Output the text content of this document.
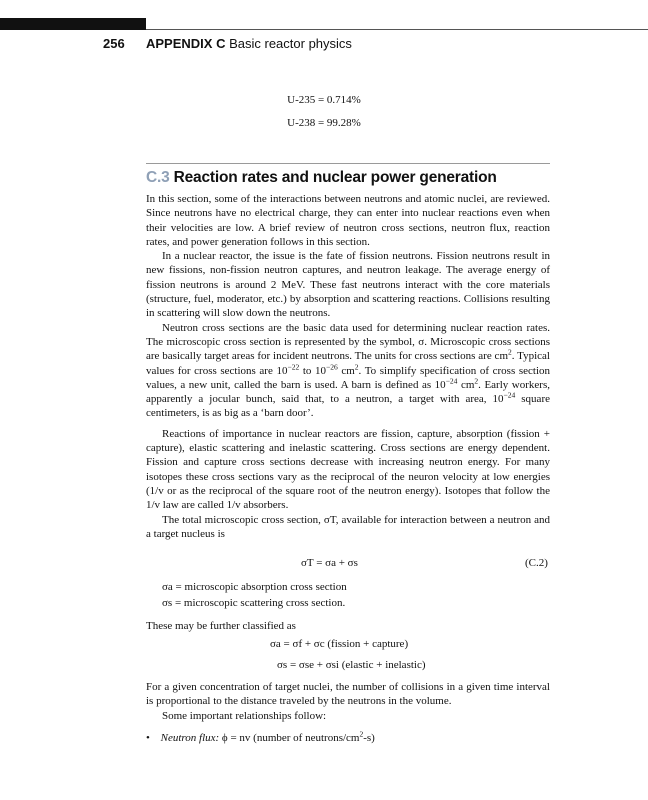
256 APPENDIX C Basic reactor physics
U-235 = 0.714%
U-238 = 99.28%
C.3 Reaction rates and nuclear power generation

In this section, some of the interactions between neutrons and atomic nuclei, are reviewed. Since neutrons have no electrical charge, they can enter into nuclear reactions even when their velocities are low. A brief review of neutron cross sections, neutron flux, reaction rates, and power generation follows in this section.

In a nuclear reactor, the issue is the fate of fission neutrons. Fission neutrons result in new fissions, non-fission neutron captures, and neutron leakage. The average energy of fission neutrons is around 2 MeV. These fast neutrons interact with the core materials (structure, fuel, moderator, etc.) by absorption and scattering reactions. Collisions resulting in scattering will slow down the neutrons.

Neutron cross sections are the basic data used for determining nuclear reaction rates. The microscopic cross section is represented by the symbol, σ. Microscopic cross sections are basically target areas for incident neutrons. The units for cross sections are $cm^2$. Typical values for cross sections are $10^{-22}$ to $10^{-26}$ $cm^2$. To simplify specification of cross section values, a new unit, called the barn is used. A barn is defined as $10^{-24}$ $cm^2$. Early workers, apparently a jocular bunch, said that, to a neutron, a target with area, $10^{-24}$ square centimeters, is as big as a ‘barn door’.

Reactions of importance in nuclear reactors are fission, capture, absorption (fission + capture), elastic scattering and inelastic scattering. Cross sections are energy dependent. Fission and capture cross sections decrease with increasing neutron energy. For many isotopes these cross sections vary as the reciprocal of the neuron velocity at low energies (1/v or as the reciprocal of the square root of the neutron energy). Isotopes that follow the 1/v law are called 1/v absorbers.

The total microscopic cross section, σT, available for interaction between a neutron and a target nucleus is

σT = σa + σs	(C.2)
σa = microscopic absorption cross section
σs = microscopic scattering cross section.
These may be further classified as
σa = σf + σc (fission + capture)
σs = σse + σsi (elastic + inelastic)

For a given concentration of target nuclei, the number of collisions in a given time interval is proportional to the distance traveled by the neutrons in the volume.

Some important relationships follow:

• Neutron flux: ϕ = nv (number of neutrons/$cm^2-s$)
